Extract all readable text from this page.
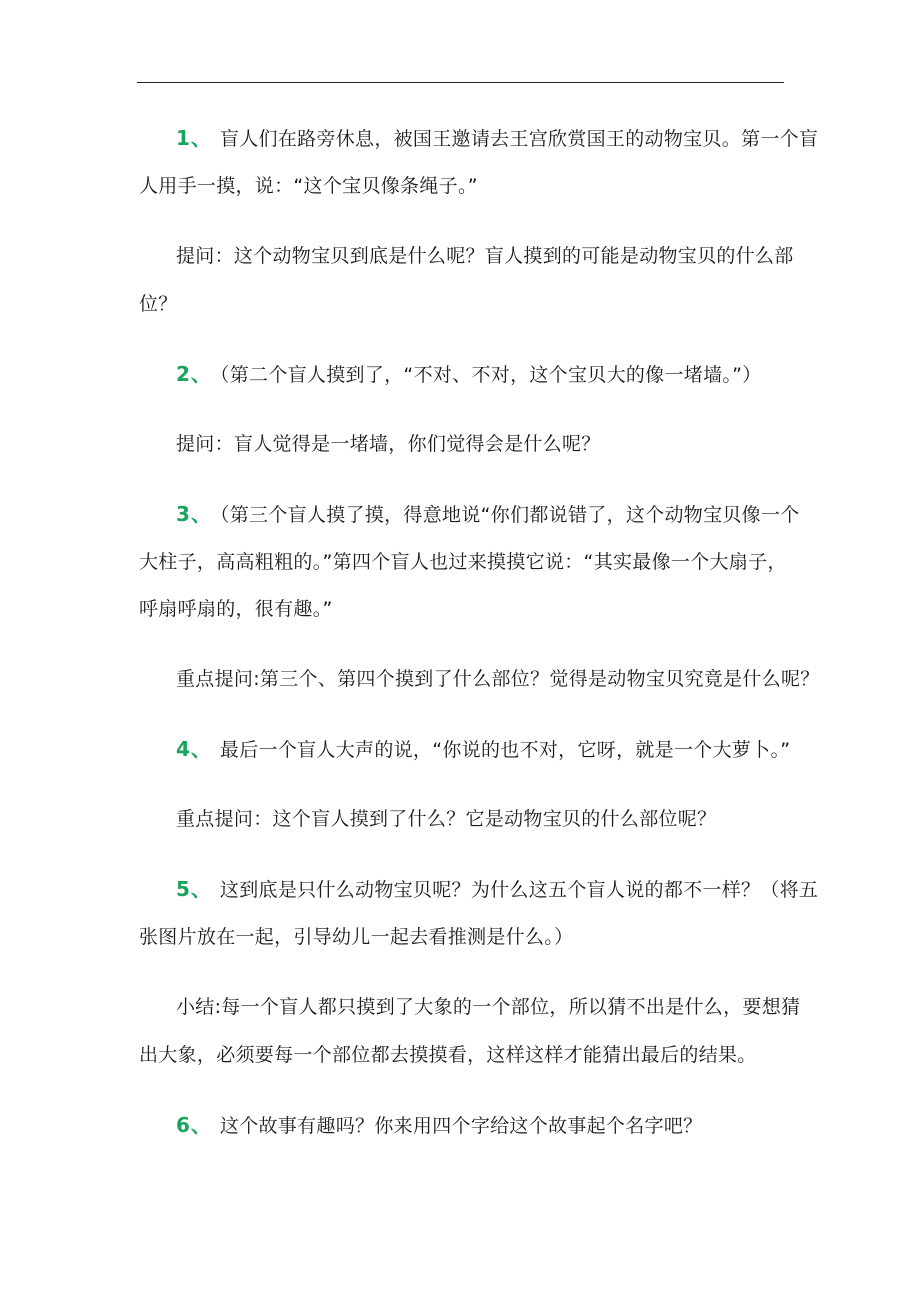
1、 盲人们在路旁休息，被国王邀请去王宫欣赏国王的动物宝贝。第一个盲
人用手一摸，说：“这个宝贝像条绳子。”
提问：这个动物宝贝到底是什么呢？盲人摸到的可能是动物宝贝的什么部
位？
2、 （第二个盲人摸到了，“不对、不对，这个宝贝大的像一堵墙。”）
提问：盲人觉得是一堵墙，你们觉得会是什么呢？
3、 （第三个盲人摸了摸，得意地说“你们都说错了，这个动物宝贝像一个
大柱子，高高粗粗的。”第四个盲人也过来摸摸它说：“其实最像一个大扇子，
呼扇呼扇的，很有趣。”
重点提问:第三个、第四个摸到了什么部位？觉得是动物宝贝究竟是什么呢？
4、 最后一个盲人大声的说，“你说的也不对，它呀，就是一个大萝卜。”
重点提问：这个盲人摸到了什么？它是动物宝贝的什么部位呢？
5、 这到底是只什么动物宝贝呢？为什么这五个盲人说的都不一样？（将五
张图片放在一起，引导幼儿一起去看推测是什么。）
小结:每一个盲人都只摸到了大象的一个部位，所以猜不出是什么，要想猜
出大象，必须要每一个部位都去摸摸看，这样这样才能猜出最后的结果。
6、 这个故事有趣吗？你来用四个字给这个故事起个名字吧？
